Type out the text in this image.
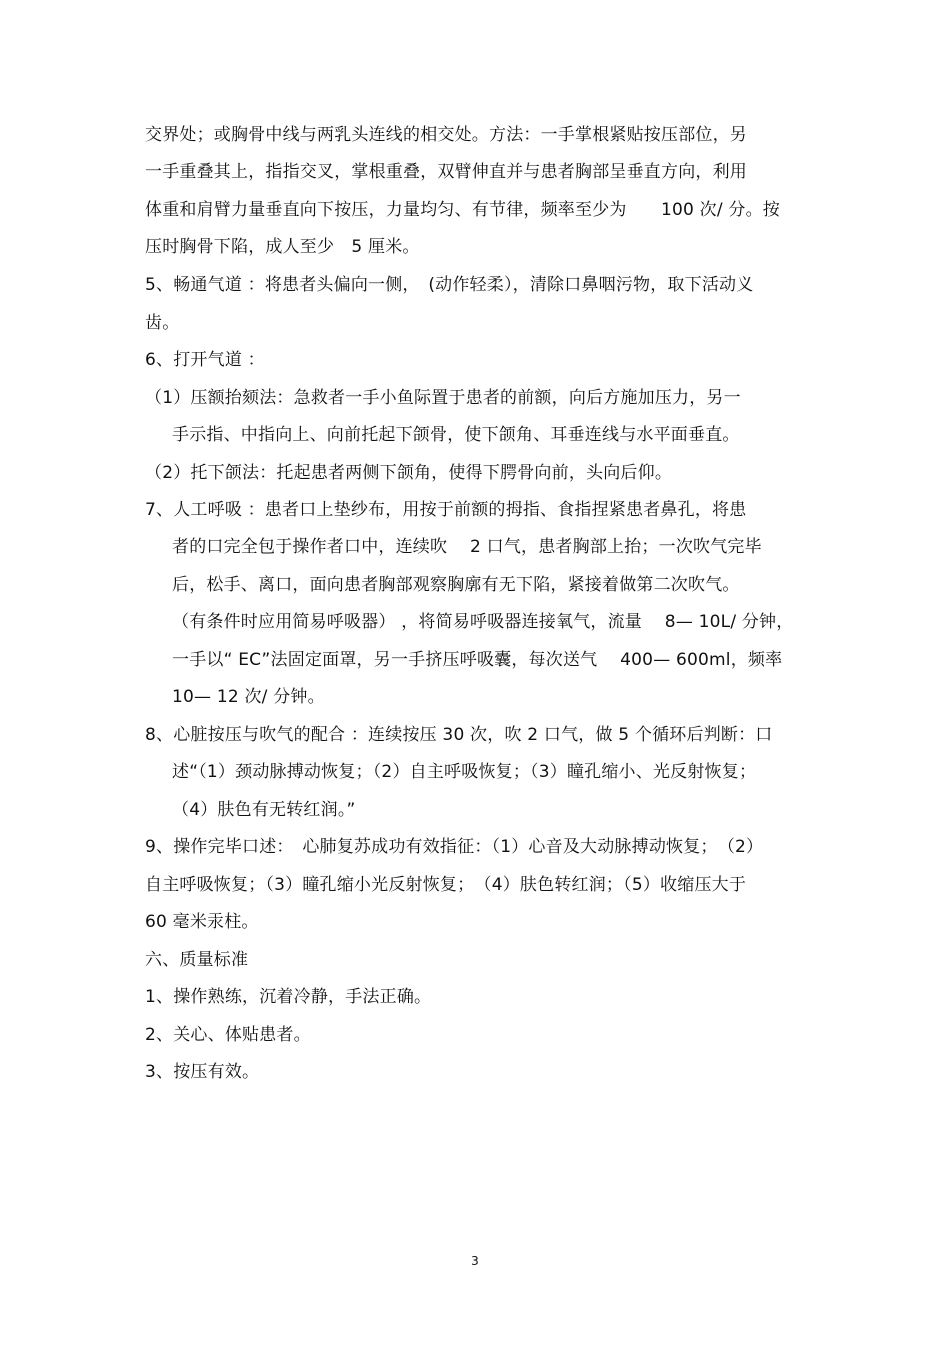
交界处；或胸骨中线与两乳头连线的相交处。方法：一手掌根紧贴按压部位，另
一手重叠其上，指指交叉，掌根重叠，双臂伸直并与患者胸部呈垂直方向，利用
体重和肩臂力量垂直向下按压，力量均匀、有节律，频率至少为　　100 次/ 分。按
压时胸骨下陷，成人至少　5 厘米。
5、畅通气道 ：将患者头偏向一侧，　(动作轻柔），清除口鼻咽污物，取下活动义
齿。
6、打开气道 ：
（1）压额抬颏法：急救者一手小鱼际置于患者的前额，向后方施加压力，另一
手示指、中指向上、向前托起下颌骨，使下颌角、耳垂连线与水平面垂直。
（2）托下颌法：托起患者两侧下颌角，使得下腭骨向前，头向后仰。
7、人工呼吸 ：患者口上垫纱布，用按于前额的拇指、食指捏紧患者鼻孔，将患
者的口完全包于操作者口中，连续吹　 2 口气，患者胸部上抬；一次吹气完毕
后，松手、离口，面向患者胸部观察胸廓有无下陷，紧接着做第二次吹气。
（有条件时应用简易呼吸器） ，将简易呼吸器连接氧气，流量　 8— 10L/ 分钟，
一手以“ EC”法固定面罩，另一手挤压呼吸囊，每次送气　 400— 600ml，频率
10— 12 次/ 分钟。
8、心脏按压与吹气的配合 ：连续按压 30 次，吹 2 口气，做 5 个循环后判断：口
述“（1）颈动脉搏动恢复；（2）自主呼吸恢复；（3）瞳孔缩小、光反射恢复；
（4）肤色有无转红润。”
9、操作完毕口述：　心肺复苏成功有效指征：（1）心音及大动脉搏动恢复；　（2）
自主呼吸恢复；（3）瞳孔缩小光反射恢复；　（4）肤色转红润；（5）收缩压大于
60 毫米汞柱。
六、质量标准
1、操作熟练，沉着冷静，手法正确。
2、关心、体贴患者。
3、按压有效。
3
